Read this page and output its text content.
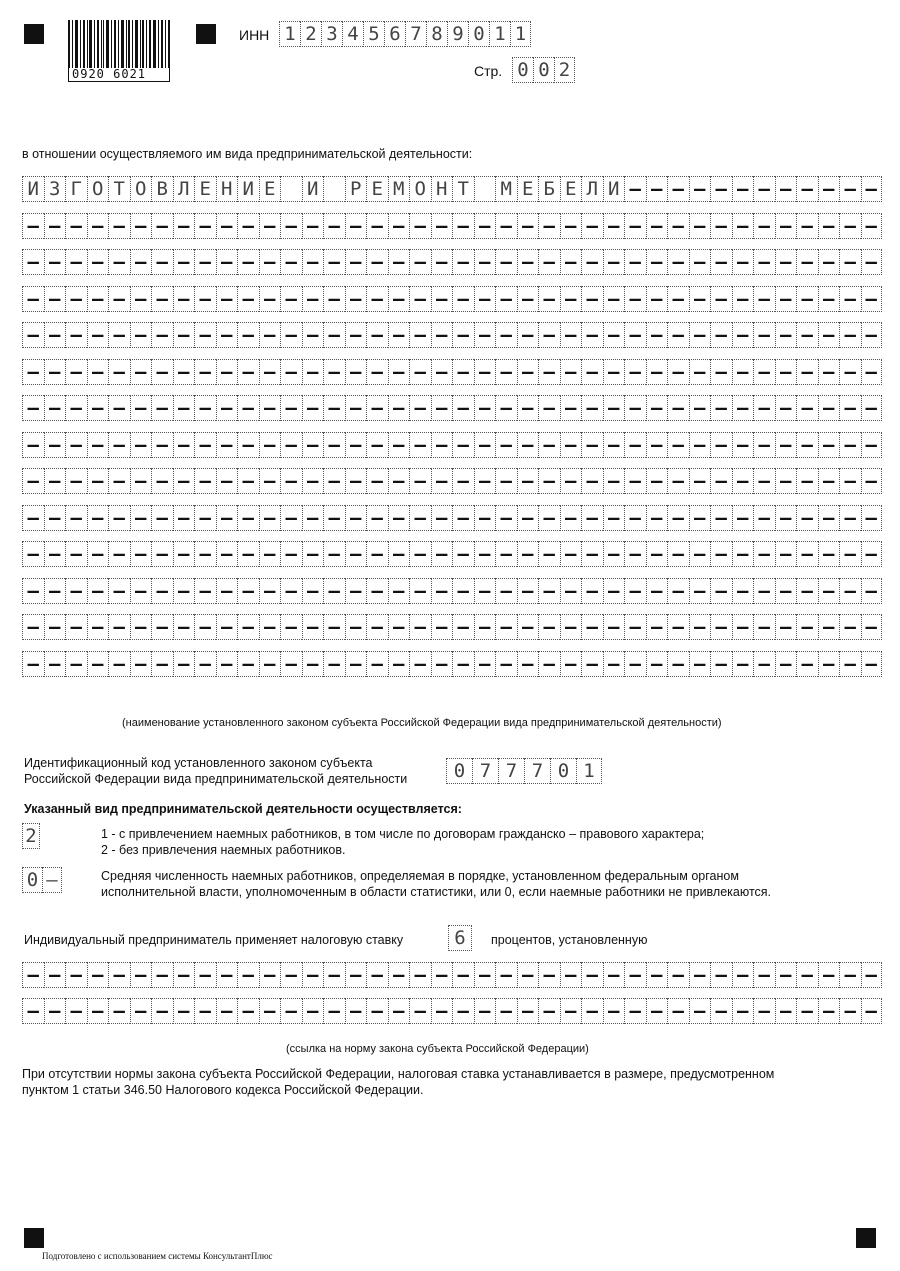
0920 6021
ИНН 1 2 3 4 5 6 7 8 9 0 1 1
Стр. 0 0 2
в отношении осуществляемого им вида предпринимательской деятельности:
И З Г О Т О В Л Е Н И Е И Р Е М О Н Т М Е Б Е Л И – – – – – – – – – – – –
– – – – – – – – – – – – – – – – – – – – – – – – – – – – – – – – – – – – – – – –
– – – – – – – – – – – – – – – – – – – – – – – – – – – – – – – – – – – – – – – –
– – – – – – – – – – – – – – – – – – – – – – – – – – – – – – – – – – – – – – – –
– – – – – – – – – – – – – – – – – – – – – – – – – – – – – – – – – – – – – – – –
– – – – – – – – – – – – – – – – – – – – – – – – – – – – – – – – – – – – – – – –
– – – – – – – – – – – – – – – – – – – – – – – – – – – – – – – – – – – – – – – –
– – – – – – – – – – – – – – – – – – – – – – – – – – – – – – – – – – – – – – – –
– – – – – – – – – – – – – – – – – – – – – – – – – – – – – – – – – – – – – – – –
– – – – – – – – – – – – – – – – – – – – – – – – – – – – – – – – – – – – – – – –
– – – – – – – – – – – – – – – – – – – – – – – – – – – – – – – – – – – – – – – –
– – – – – – – – – – – – – – – – – – – – – – – – – – – – – – – – – – – – – – – –
– – – – – – – – – – – – – – – – – – – – – – – – – – – – – – – – – – – – – – – –
– – – – – – – – – – – – – – – – – – – – – – – – – – – – – – – – – – – – – – – –
(наименование установленного законом субъекта Российской Федерации вида предпринимательской деятельности)
Идентификационный код установленного законом субъекта
Российской Федерации вида предпринимательской деятельности	0 7 7 7 0 1
Указанный вид предпринимательской деятельности осуществляется:
2	1 - с привлечением наемных работников, в том числе по договорам гражданско – правового характера;
2 - без привлечения наемных работников.
0 –	Средняя численность наемных работников, определяемая в порядке, установленном федеральным органом
исполнительной власти, уполномоченным в области статистики, или 0, если наемные работники не привлекаются.
Индивидуальный предприниматель применяет налоговую ставку	6	процентов, установленную
– – – – – – – – – – – – – – – – – – – – – – – – – – – – – – – – – – – – – – – –
– – – – – – – – – – – – – – – – – – – – – – – – – – – – – – – – – – – – – – – –
(ссылка на норму закона субъекта Российской Федерации)
При отсутствии нормы закона субъекта Российской Федерации, налоговая ставка устанавливается в размере, предусмотренном
пунктом 1 статьи 346.50 Налогового кодекса Российской Федерации.
Подготовлено с использованием системы КонсультантПлюс
